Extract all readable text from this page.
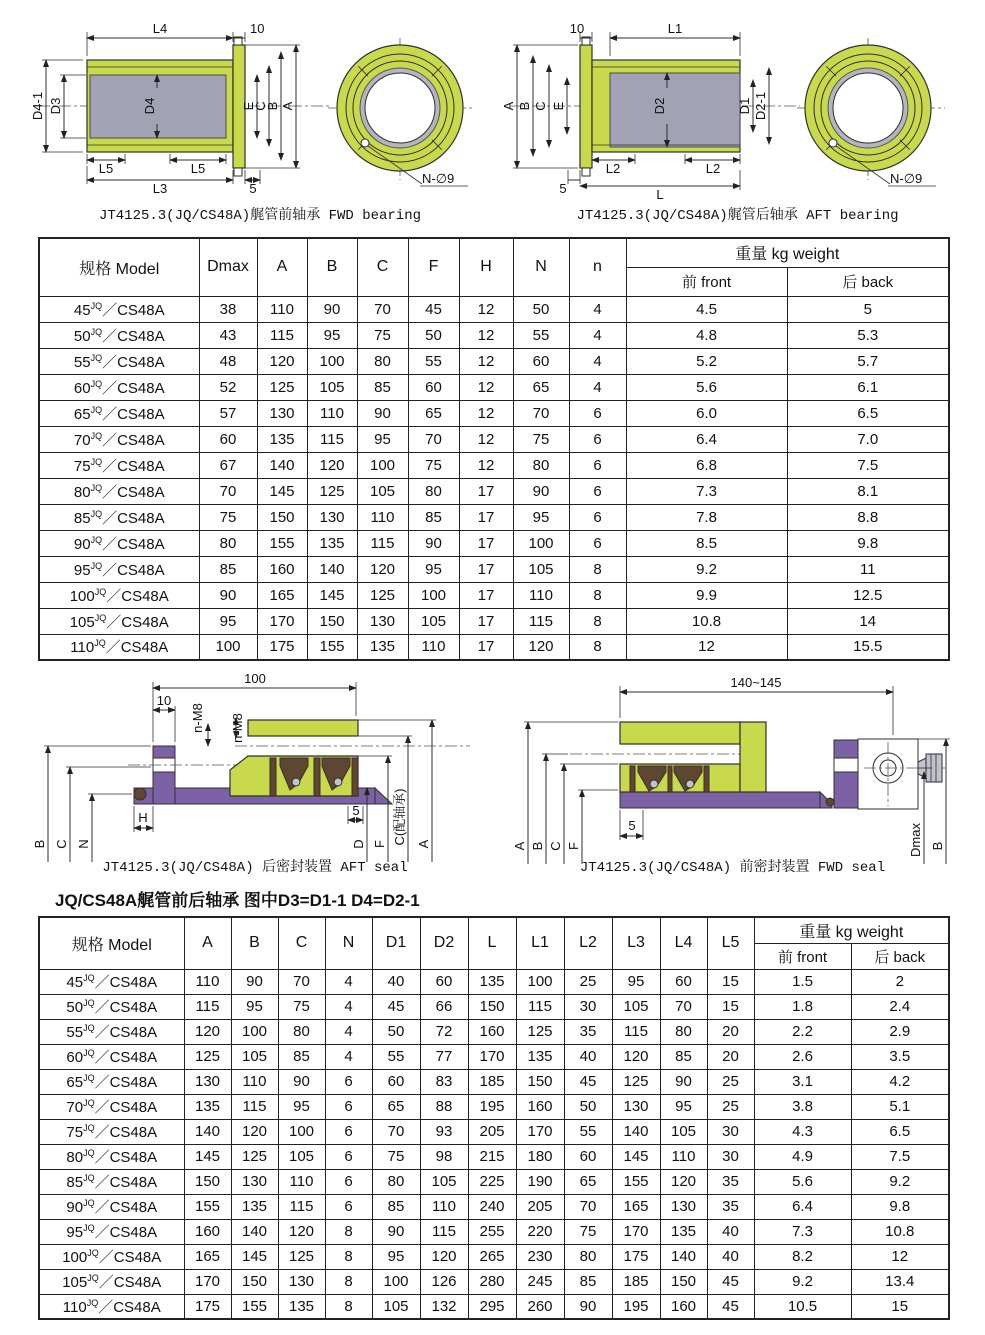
L4	10
D4-1 D3	D4	E
C
B A
L5	L5
L3	5
N-∅9
JT4125.3(JQ/CS48A)艉管前轴承 FWD bearing
10	L1
A B C E	D2	D1 D2-1
L2	L2
5	L
N-∅9
JT4125.3(JQ/CS48A)艉管后轴承 AFT bearing
规格 Model	Dmax	A	B	C	F	H	N	n	重量 kg weight	
									前 front	后 back
$45^{JQ}/CS48A$	38	110	90	70	45	12	50	4	4.5	5
$50^{JQ}/CS48A$	43	115	95	75	50	12	55	4	4.8	5.3
$55^{JQ}/CS48A$	48	120	100	80	55	12	60	4	5.2	5.7
$60^{JQ}/CS48A$	52	125	105	85	60	12	65	4	5.6	6.1
$65^{JQ}/CS48A$	57	130	110	90	65	12	70	6	6.0	6.5
$70^{JQ}/CS48A$	60	135	115	95	70	12	75	6	6.4	7.0
$75^{JQ}/CS48A$	67	140	120	100	75	12	80	6	6.8	7.5
$80^{JQ}/CS48A$	70	145	125	105	80	17	90	6	7.3	8.1
$85^{JQ}/CS48A$	75	150	130	110	85	17	95	6	7.8	8.8
$90^{JQ}/CS48A$	80	155	135	115	90	17	100	6	8.5	9.8
$95^{JQ}/CS48A$	85	160	140	120	95	17	105	8	9.2	11
$100^{JQ}/CS48A$	90	165	145	125	100	17	110	8	9.9	12.5
$105^{JQ}/CS48A$	95	170	150	130	105	17	115	8	10.8	14
$110^{JQ}/CS48A$	100	175	155	135	110	17	120	8	12	15.5
100
10
n-M8 n-M8
B C N
H	5
D F C(配轴承) A
JT4125.3(JQ/CS48A) 后密封装置 AFT seal
140~145
A B C F
5	Dmax B
JT4125.3(JQ/CS48A) 前密封装置 FWD seal
JQ/CS48A艉管前后轴承 图中D3=D1-1 D4=D2-1
规格 Model	A	B	C	N	D1	D2	L	L1	L2	L3	L4	L5	重量 kg weight	
													前 front	后 back
$45^{JQ}/CS48A$	110	90	70	4	40	60	135	100	25	95	60	15	1.5	2
$50^{JQ}/CS48A$	115	95	75	4	45	66	150	115	30	105	70	15	1.8	2.4
$55^{JQ}/CS48A$	120	100	80	4	50	72	160	125	35	115	80	20	2.2	2.9
$60^{JQ}/CS48A$	125	105	85	4	55	77	170	135	40	120	85	20	2.6	3.5
$65^{JQ}/CS48A$	130	110	90	6	60	83	185	150	45	125	90	25	3.1	4.2
$70^{JQ}/CS48A$	135	115	95	6	65	88	195	160	50	130	95	25	3.8	5.1
$75^{JQ}/CS48A$	140	120	100	6	70	93	205	170	55	140	105	30	4.3	6.5
$80^{JQ}/CS48A$	145	125	105	6	75	98	215	180	60	145	110	30	4.9	7.5
$85^{JQ}/CS48A$	150	130	110	6	80	105	225	190	65	155	120	35	5.6	9.2
$90^{JQ}/CS48A$	155	135	115	6	85	110	240	205	70	165	130	35	6.4	9.8
$95^{JQ}/CS48A$	160	140	120	8	90	115	255	220	75	170	135	40	7.3	10.8
$100^{JQ}/CS48A$	165	145	125	8	95	120	265	230	80	175	140	40	8.2	12
$105^{JQ}/CS48A$	170	150	130	8	100	126	280	245	85	185	150	45	9.2	13.4
$110^{JQ}/CS48A$	175	155	135	8	105	132	295	260	90	195	160	45	10.5	15
